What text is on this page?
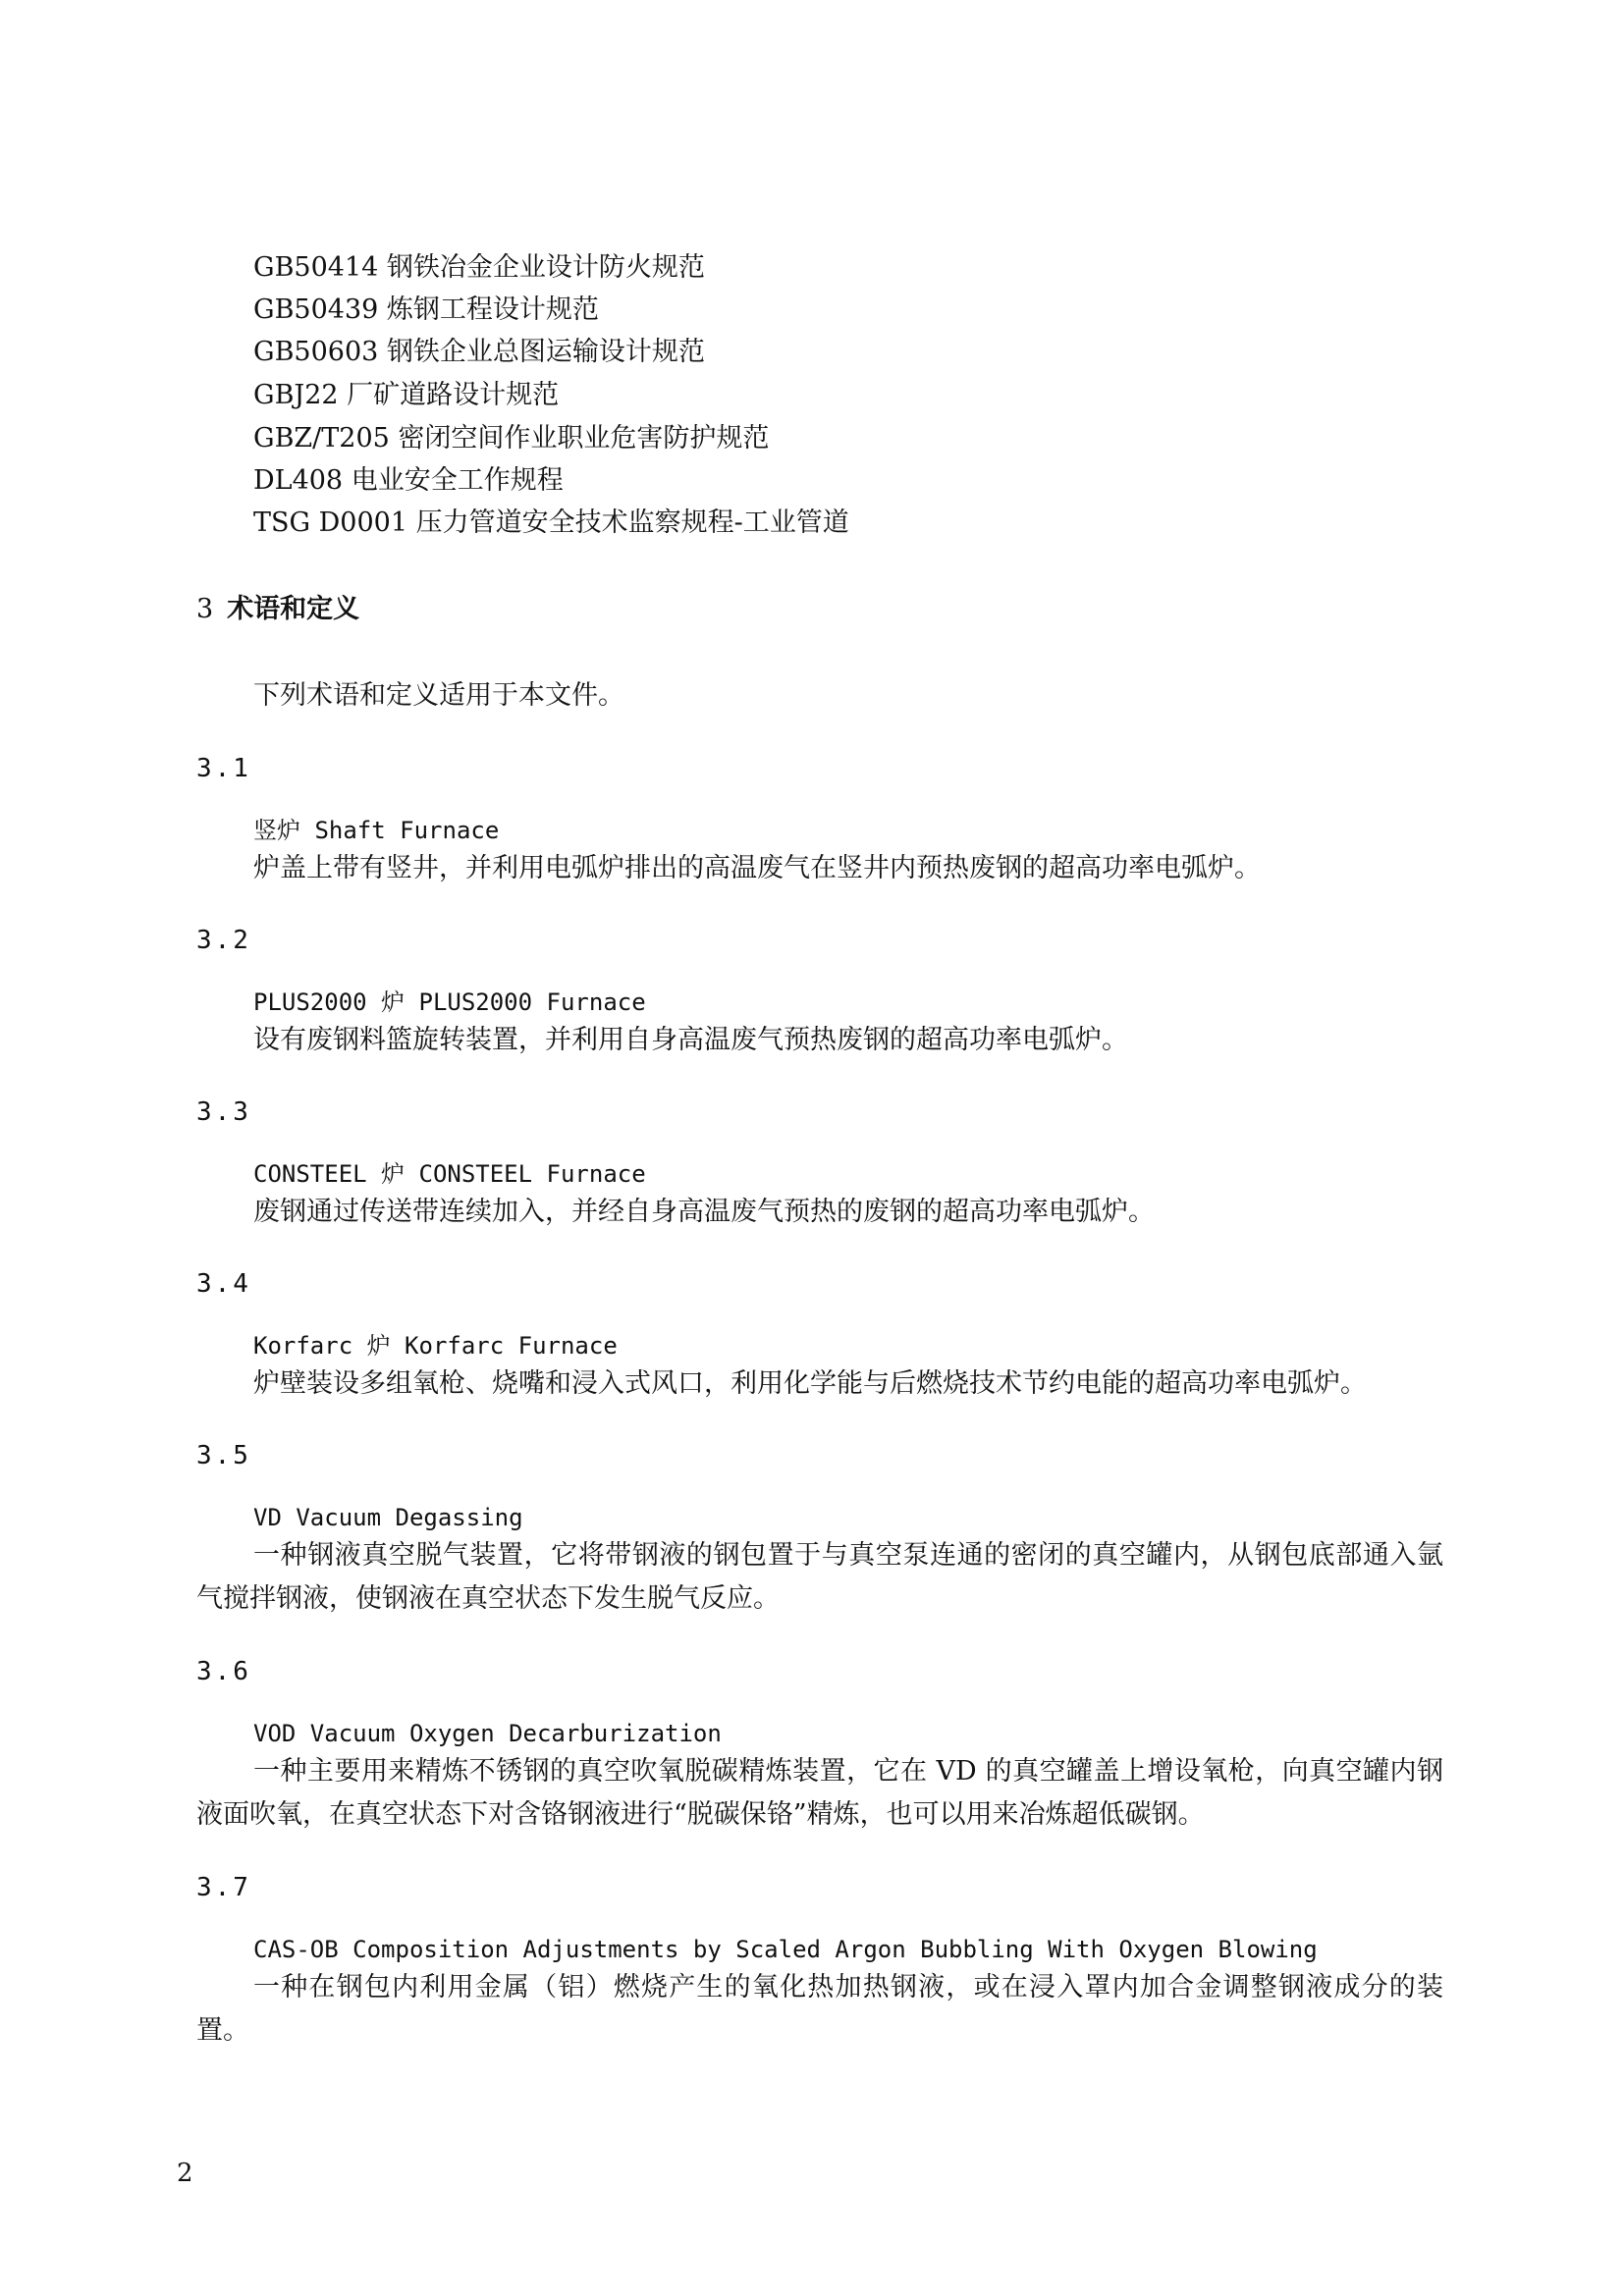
GB50414 钢铁冶金企业设计防火规范
GB50439 炼钢工程设计规范
GB50603 钢铁企业总图运输设计规范
GBJ22 厂矿道路设计规范
GBZ/T205 密闭空间作业职业危害防护规范
DL408 电业安全工作规程
TSG D0001 压力管道安全技术监察规程-工业管道
3 术语和定义
下列术语和定义适用于本文件。
3.1
竖炉 Shaft Furnace
炉盖上带有竖井，并利用电弧炉排出的高温废气在竖井内预热废钢的超高功率电弧炉。
3.2
PLUS2000 炉 PLUS2000 Furnace
设有废钢料篮旋转装置，并利用自身高温废气预热废钢的超高功率电弧炉。
3.3
CONSTEEL 炉 CONSTEEL Furnace
废钢通过传送带连续加入，并经自身高温废气预热的废钢的超高功率电弧炉。
3.4
Korfarc 炉 Korfarc Furnace
炉壁装设多组氧枪、烧嘴和浸入式风口，利用化学能与后燃烧技术节约电能的超高功率电弧炉。
3.5
VD Vacuum Degassing
一种钢液真空脱气装置，它将带钢液的钢包置于与真空泵连通的密闭的真空罐内，从钢包底部通入氩气搅拌钢液，使钢液在真空状态下发生脱气反应。
3.6
VOD Vacuum Oxygen Decarburization
一种主要用来精炼不锈钢的真空吹氧脱碳精炼装置，它在 VD 的真空罐盖上增设氧枪，向真空罐内钢液面吹氧，在真空状态下对含铬钢液进行“脱碳保铬”精炼，也可以用来冶炼超低碳钢。
3.7
CAS-OB Composition Adjustments by Scaled Argon Bubbling With Oxygen Blowing
一种在钢包内利用金属（铝）燃烧产生的氧化热加热钢液，或在浸入罩内加合金调整钢液成分的装置。
2
